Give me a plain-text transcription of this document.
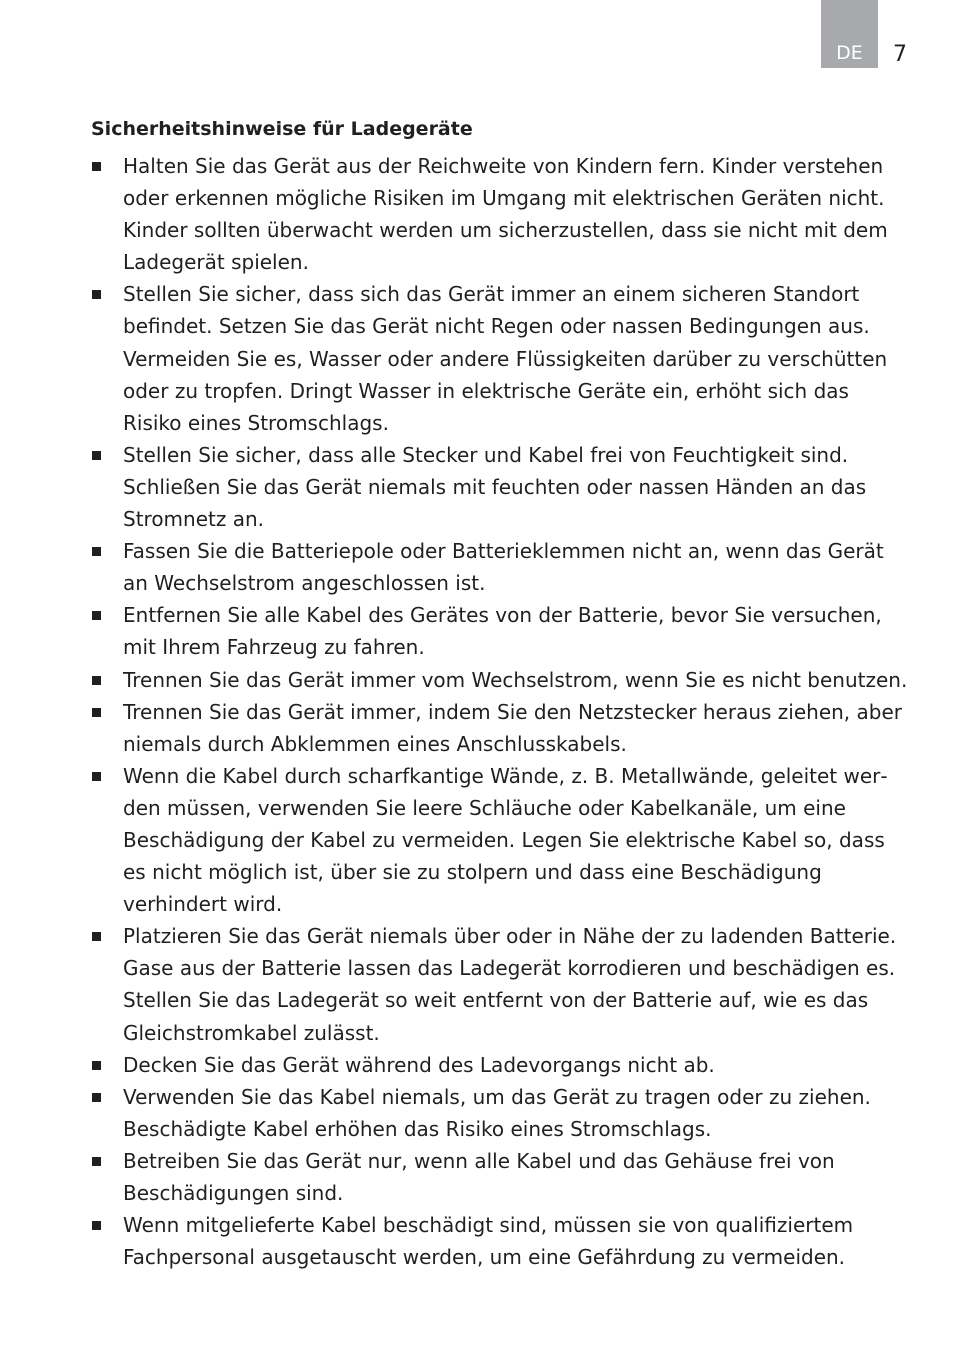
DE 7
Sicherheitshinweise für Ladegeräte
Halten Sie das Gerät aus der Reichweite von Kindern fern. Kinder verstehen oder erkennen mögliche Risiken im Umgang mit elektrischen Geräten nicht. Kinder sollten überwacht werden um sicherzustellen, dass sie nicht mit dem Ladegerät spielen.
Stellen Sie sicher, dass sich das Gerät immer an einem sicheren Standort befindet. Setzen Sie das Gerät nicht Regen oder nassen Bedingungen aus. Vermeiden Sie es, Wasser oder andere Flüssigkeiten darüber zu verschütten oder zu tropfen. Dringt Wasser in elektrische Geräte ein, erhöht sich das Risiko eines Stromschlags.
Stellen Sie sicher, dass alle Stecker und Kabel frei von Feuchtigkeit sind. Schließen Sie das Gerät niemals mit feuchten oder nassen Händen an das Stromnetz an.
Fassen Sie die Batteriepole oder Batterieklemmen nicht an, wenn das Gerät an Wechselstrom angeschlossen ist.
Entfernen Sie alle Kabel des Gerätes von der Batterie, bevor Sie versuchen, mit Ihrem Fahrzeug zu fahren.
Trennen Sie das Gerät immer vom Wechselstrom, wenn Sie es nicht benutzen.
Trennen Sie das Gerät immer, indem Sie den Netzstecker heraus ziehen, aber niemals durch Abklemmen eines Anschlusskabels.
Wenn die Kabel durch scharfkantige Wände, z. B. Metallwände, geleitet werden müssen, verwenden Sie leere Schläuche oder Kabelkanäle, um eine Beschädigung der Kabel zu vermeiden. Legen Sie elektrische Kabel so, dass es nicht möglich ist, über sie zu stolpern und dass eine Beschädigung verhindert wird.
Platzieren Sie das Gerät niemals über oder in Nähe der zu ladenden Batterie. Gase aus der Batterie lassen das Ladegerät korrodieren und beschädigen es. Stellen Sie das Ladegerät so weit entfernt von der Batterie auf, wie es das Gleichstromkabel zulässt.
Decken Sie das Gerät während des Ladevorgangs nicht ab.
Verwenden Sie das Kabel niemals, um das Gerät zu tragen oder zu ziehen. Beschädigte Kabel erhöhen das Risiko eines Stromschlags.
Betreiben Sie das Gerät nur, wenn alle Kabel und das Gehäuse frei von Beschädigungen sind.
Wenn mitgelieferte Kabel beschädigt sind, müssen sie von qualifiziertem Fachpersonal ausgetauscht werden, um eine Gefährdung zu vermeiden.
